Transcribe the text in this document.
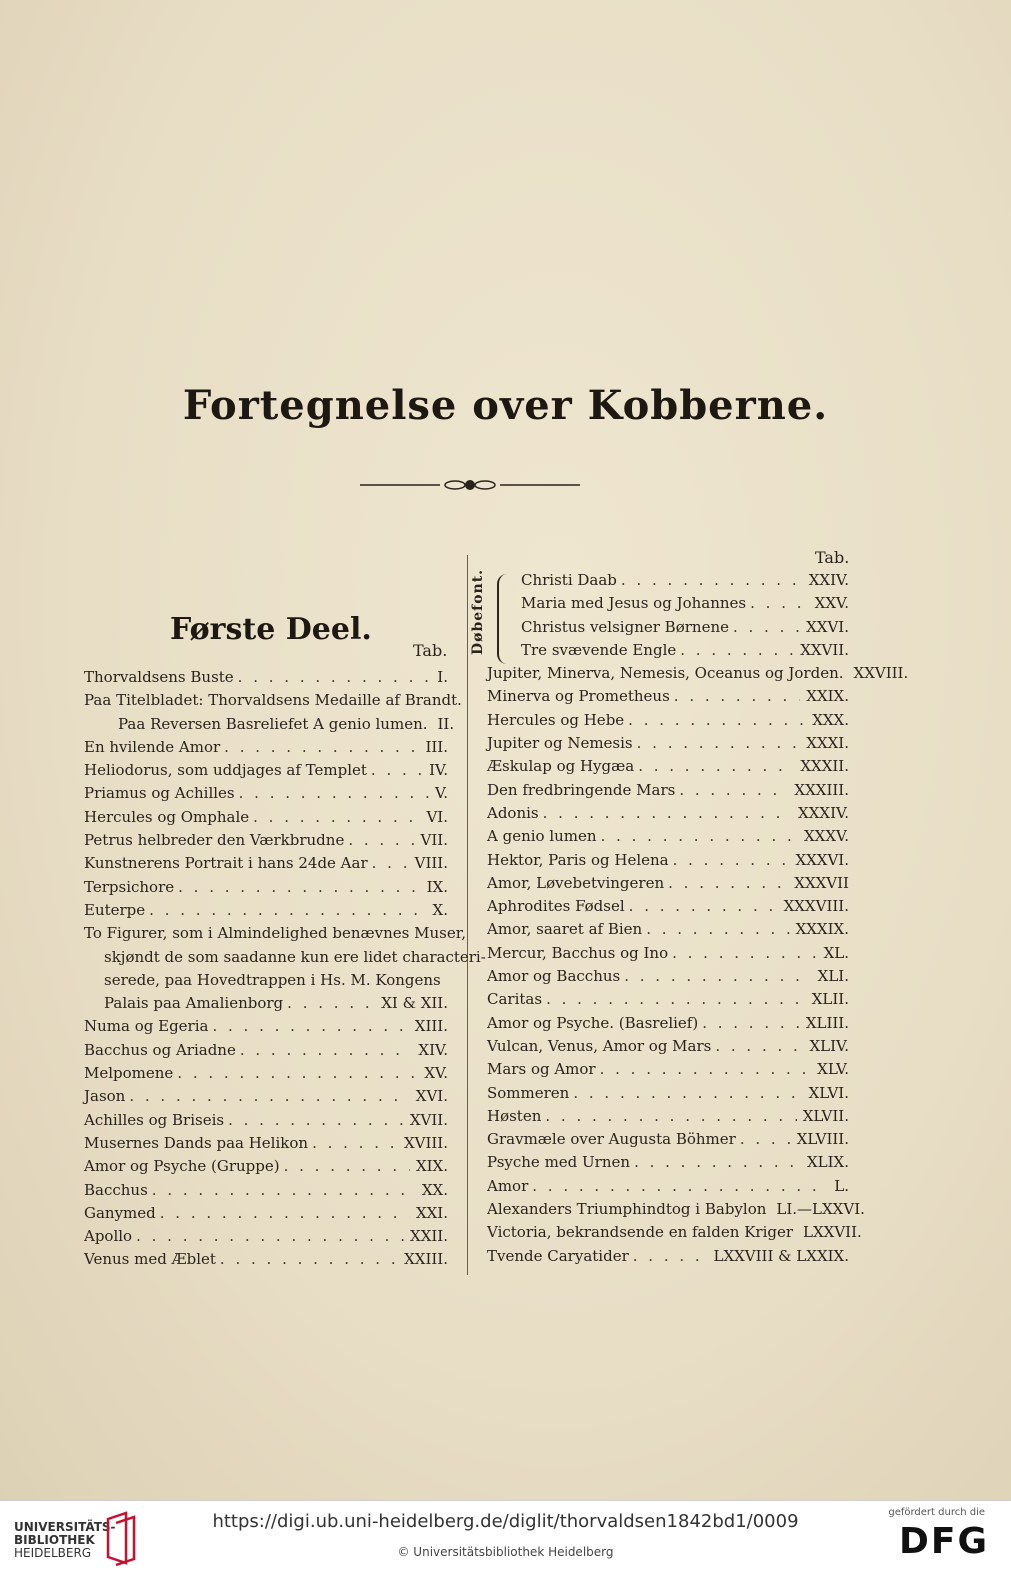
Fortegnelse over Kobberne.
Første Deel.
Tab.
Tab.
Thorvaldsens Buste . . .	I.
Paa Titelbladet: Thorvaldsens Medaille af Brandt.
Paa Reversen Basreliefet A genio lumen. II.
En hvilende Amor . . .	III.
Heliodorus, som uddjages af Templet . . .	IV.
Priamus og Achilles . . .	V.
Hercules og Omphale . . .	VI.
Petrus helbreder den Værkbrudne . . .	VII.
Kunstnerens Portrait i hans 24de Aar . . .	VIII.
Terpsichore . . .	IX.
Euterpe . . .	X.
To Figurer, som i Almindelighed benævnes Muser,
skjøndt de som saadanne kun ere lidet characteri-
serede, paa Hovedtrappen i Hs. M. Kongens
Palais paa Amalienborg . . .	XI & XII.
Numa og Egeria . . .	XIII.
Bacchus og Ariadne . . .	XIV.
Melpomene . . .	XV.
Jason . . .	XVI.
Achilles og Briseis . . .	XVII.
Musernes Dands paa Helikon . . .	XVIII.
Amor og Psyche (Gruppe) . . .	XIX.
Bacchus . . .	XX.
Ganymed . . .	XXI.
Apollo . . .	XXII.
Venus med Æblet . . .	XXIII.
Døbefont.	Christi Daab . . .	XXIV.
Maria med Jesus og Johannes . . .	XXV.
Christus velsigner Børnene . . .	XXVI.
Tre svævende Engle . . .	XXVII.
Jupiter, Minerva, Nemesis, Oceanus og Jorden. XXVIII.
Minerva og Prometheus . . .	XXIX.
Hercules og Hebe . . .	XXX.
Jupiter og Nemesis . . .	XXXI.
Æskulap og Hygæa . . .	XXXII.
Den fredbringende Mars . . .	XXXIII.
Adonis . . .	XXXIV.
A genio lumen . . .	XXXV.
Hektor, Paris og Helena . . .	XXXVI.
Amor, Løvebetvingeren . . .	XXXVII
Aphrodites Fødsel . . .	XXXVIII.
Amor, saaret af Bien . . .	XXXIX.
Mercur, Bacchus og Ino . . .	XL.
Amor og Bacchus . . .	XLI.
Caritas . . .	XLII.
Amor og Psyche. (Basrelief) . . .	XLIII.
Vulcan, Venus, Amor og Mars . . .	XLIV.
Mars og Amor . . .	XLV.
Sommeren . . .	XLVI.
Høsten . . .	XLVII.
Gravmæle over Augusta Böhmer . . .	XLVIII.
Psyche med Urnen . . .	XLIX.
Amor . . .	L.
Alexanders Triumphindtog i Babylon LI.—LXXVI.
Victoria, bekrandsende en falden Kriger LXXVII.
Tvende Caryatider . . .	LXXVIII & LXXIX.
UNIVERSITÄTS-
BIBLIOTHEK
HEIDELBERG
https://digi.ub.uni-heidelberg.de/diglit/thorvaldsen1842bd1/0009
© Universitätsbibliothek Heidelberg
gefördert durch die
DFG
